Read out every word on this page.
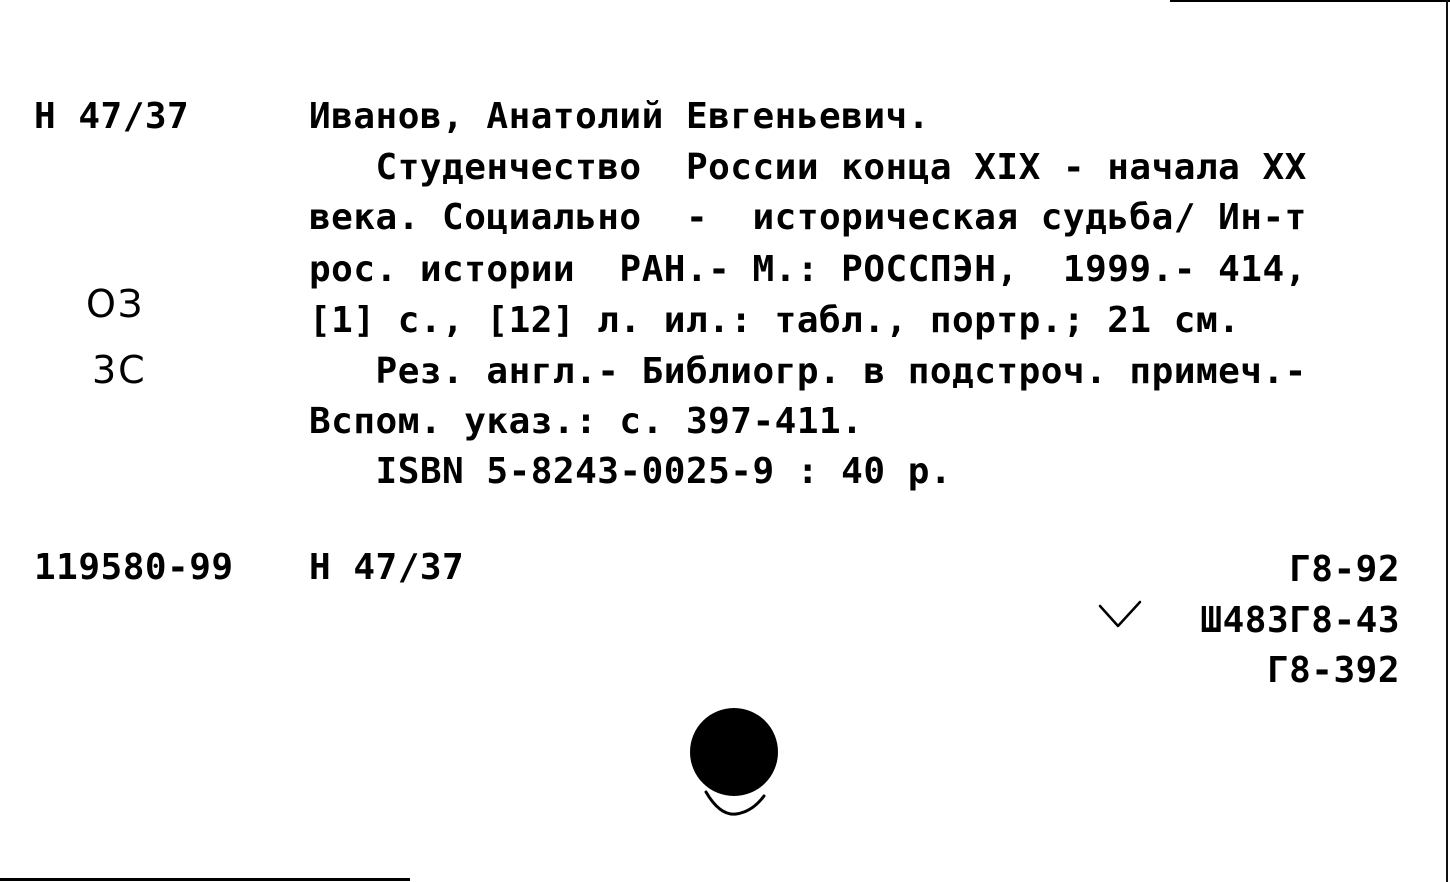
Н 47/37
ОЗ
3С
Иванов, Анатолий Евгеньевич.
Студенчество  России конца XIX - начала XX
века. Социально  -  историческая судьба/ Ин-т
рос. истории  РАН.- М.: РОССПЭН,  1999.- 414,
[1] с., [12] л. ил.: табл., портр.; 21 см.
Рез. англ.- Библиогр. в подстроч. примеч.-
Вспом. указ.: с. 397-411.
ISBN 5-8243-0025-9 : 40 р.
119580-99 Н 47/37	Г8-92
Ш483Г8-43
Г8-392
